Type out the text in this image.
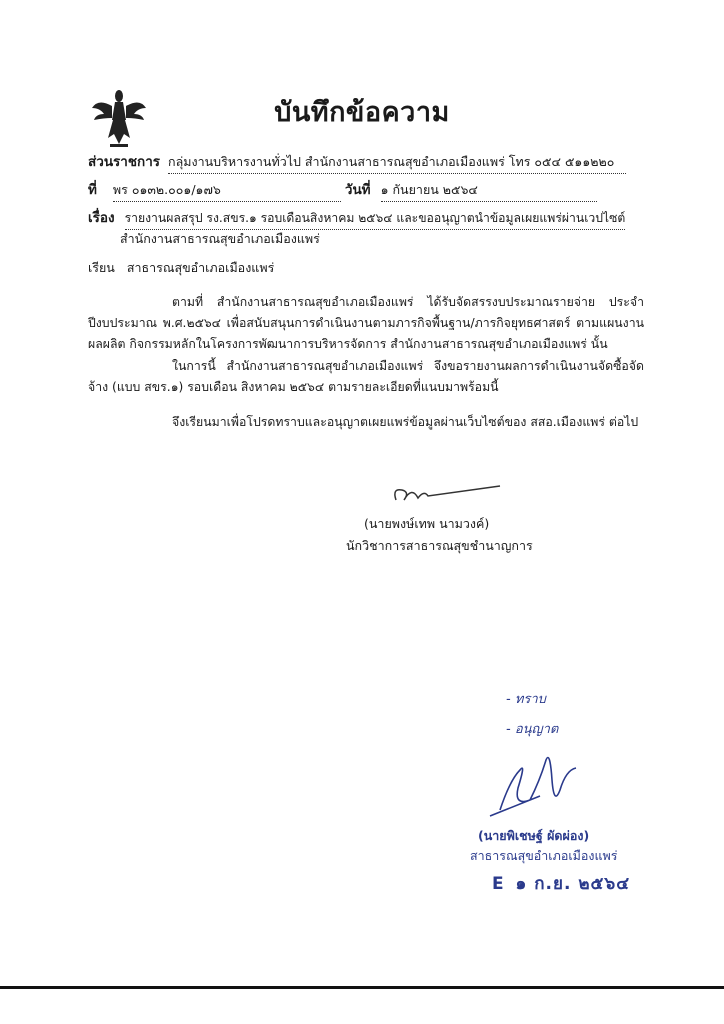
บันทึกข้อความ
ส่วนราชการ กลุ่มงานบริหารงานทั่วไป สำนักงานสาธารณสุขอำเภอเมืองแพร่ โทร ๐๕๔ ๕๑๑๒๒๐
ที่ พร ๐๑๓๒.๐๐๑/๑๗๖	วันที่ ๑ กันยายน ๒๕๖๔
เรื่อง รายงานผลสรุป รง.สขร.๑ รอบเดือนสิงหาคม ๒๕๖๔ และขออนุญาตนำข้อมูลเผยแพร่ผ่านเวปไซต์
สำนักงานสาธารณสุขอำเภอเมืองแพร่
เรียน สาธารณสุขอำเภอเมืองแพร่

ตามที่ สำนักงานสาธารณสุขอำเภอเมืองแพร่ ได้รับจัดสรรงบประมาณรายจ่าย ประจำปีงบประมาณ พ.ศ.๒๕๖๔ เพื่อสนับสนุนการดำเนินงานตามภารกิจพื้นฐาน/ภารกิจยุทธศาสตร์ ตามแผนงานผลผลิต กิจกรรมหลักในโครงการพัฒนาการบริหารจัดการ สำนักงานสาธารณสุขอำเภอเมืองแพร่ นั้น

ในการนี้ สำนักงานสาธารณสุขอำเภอเมืองแพร่ จึงขอรายงานผลการดำเนินงานจัดซื้อจัดจ้าง (แบบ สขร.๑) รอบเดือน สิงหาคม ๒๕๖๔ ตามรายละเอียดที่แนบมาพร้อมนี้

จึงเรียนมาเพื่อโปรดทราบและอนุญาตเผยแพร่ข้อมูลผ่านเว็บไซต์ของ สสอ.เมืองแพร่ ต่อไป

(นายพงษ์เทพ นามวงค์)
นักวิชาการสาธารณสุขชำนาญการ
- ทราบ
- อนุญาต
(นายพิเชษฐ์ ผัดผ่อง)
สาธารณสุขอำเภอเมืองแพร่
E ๑ ก.ย. ๒๕๖๔
